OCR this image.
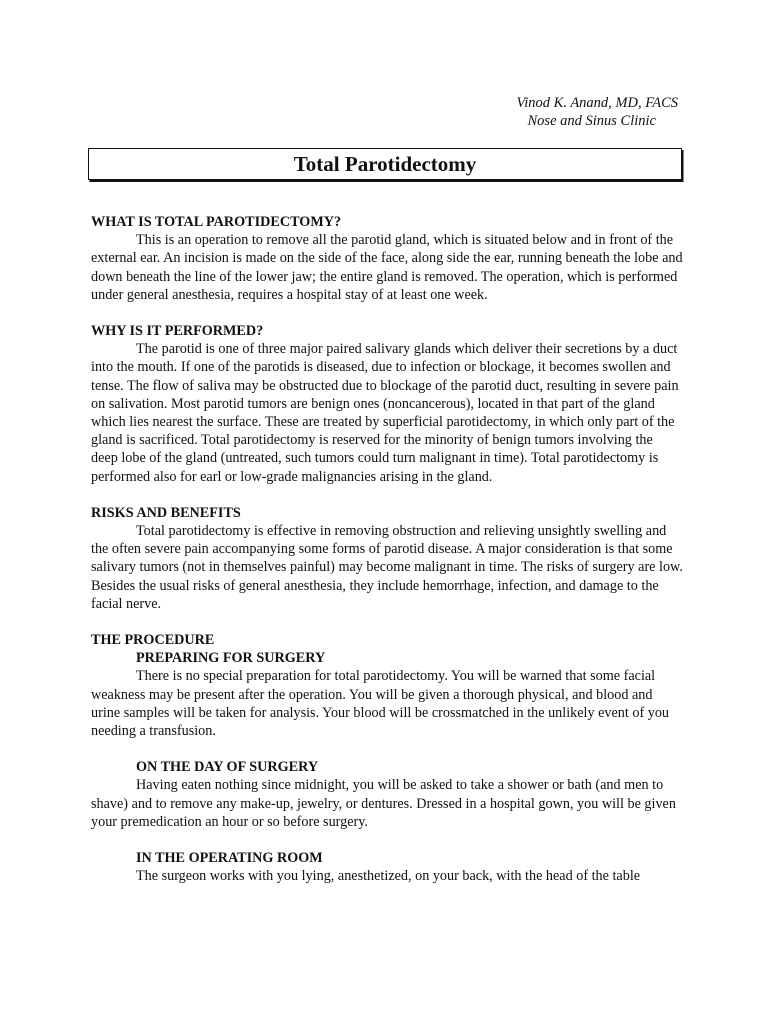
Vinod K. Anand, MD, FACS
Nose and Sinus Clinic
Total Parotidectomy
WHAT IS TOTAL PAROTIDECTOMY?

This is an operation to remove all the parotid gland, which is situated below and in front of the external ear. An incision is made on the side of the face, along side the ear, running beneath the lobe and down beneath the line of the lower jaw; the entire gland is removed. The operation, which is performed under general anesthesia, requires a hospital stay of at least one week.

WHY IS IT PERFORMED?

The parotid is one of three major paired salivary glands which deliver their secretions by a duct into the mouth. If one of the parotids is diseased, due to infection or blockage, it becomes swollen and tense. The flow of saliva may be obstructed due to blockage of the parotid duct, resulting in severe pain on salivation. Most parotid tumors are benign ones (noncancerous), located in that part of the gland which lies nearest the surface. These are treated by superficial parotidectomy, in which only part of the gland is sacrificed. Total parotidectomy is reserved for the minority of benign tumors involving the deep lobe of the gland (untreated, such tumors could turn malignant in time). Total parotidectomy is performed also for earl or low-grade malignancies arising in the gland.

RISKS AND BENEFITS

Total parotidectomy is effective in removing obstruction and relieving unsightly swelling and the often severe pain accompanying some forms of parotid disease. A major consideration is that some salivary tumors (not in themselves painful) may become malignant in time. The risks of surgery are low. Besides the usual risks of general anesthesia, they include hemorrhage, infection, and damage to the facial nerve.

THE PROCEDURE
PREPARING FOR SURGERY

There is no special preparation for total parotidectomy. You will be warned that some facial weakness may be present after the operation. You will be given a thorough physical, and blood and urine samples will be taken for analysis. Your blood will be crossmatched in the unlikely event of you needing a transfusion.

ON THE DAY OF SURGERY

Having eaten nothing since midnight, you will be asked to take a shower or bath (and men to shave) and to remove any make-up, jewelry, or dentures. Dressed in a hospital gown, you will be given your premedication an hour or so before surgery.

IN THE OPERATING ROOM

The surgeon works with you lying, anesthetized, on your back, with the head of the table
